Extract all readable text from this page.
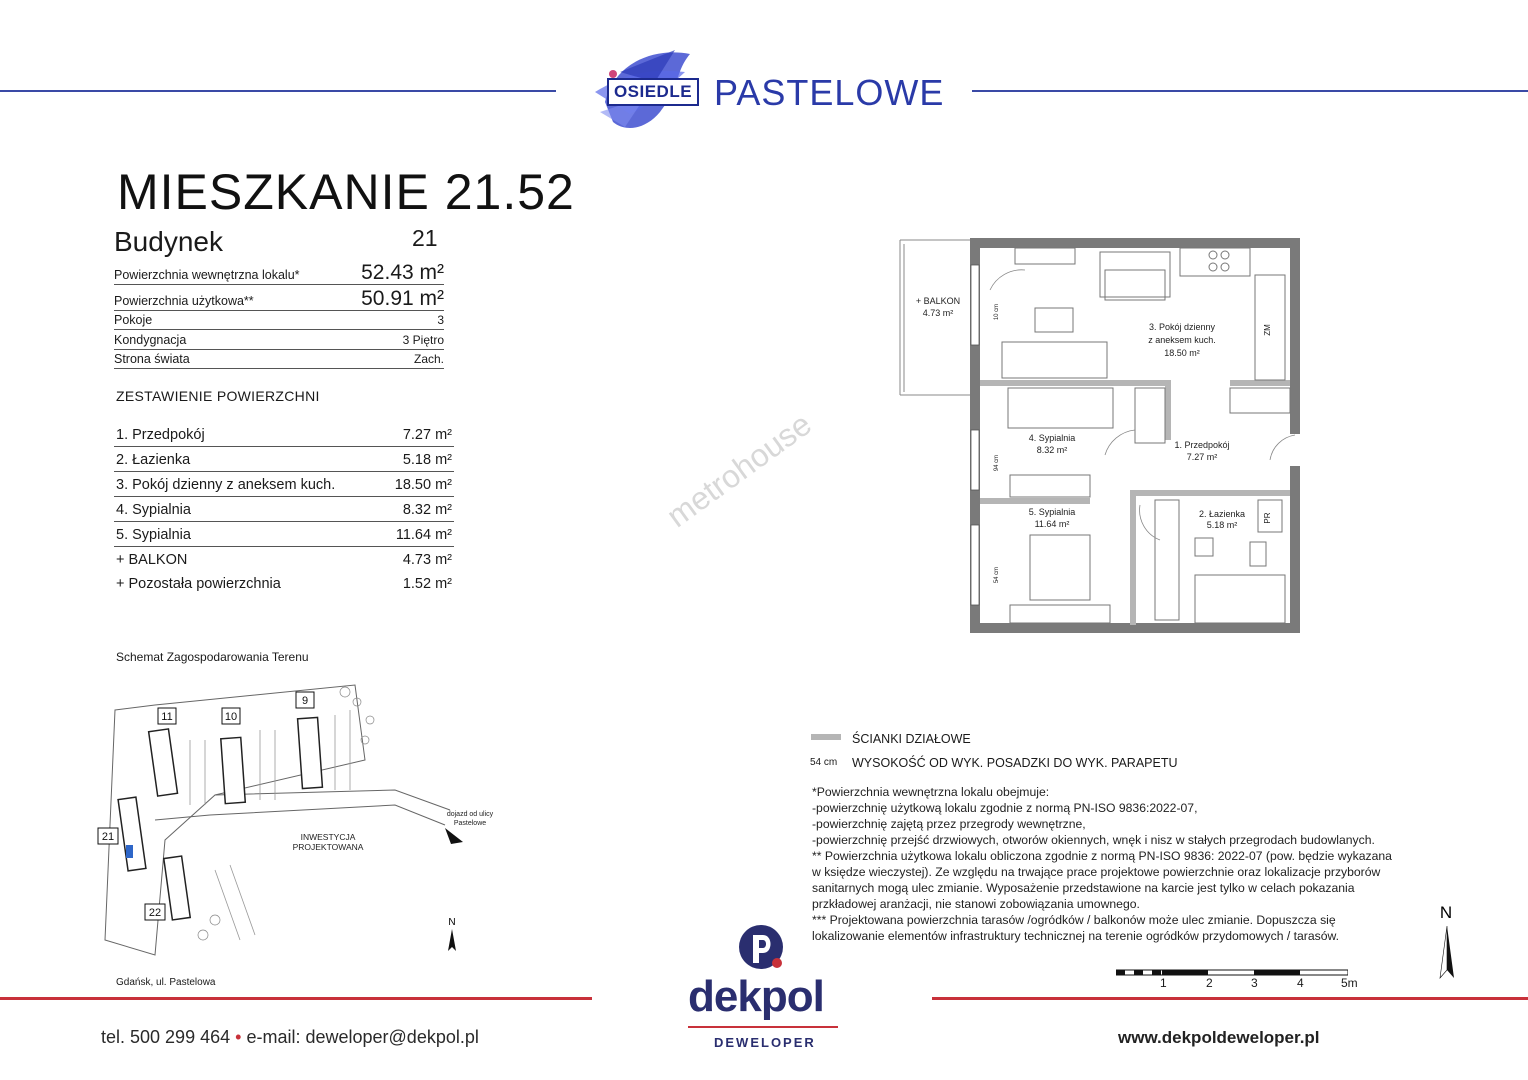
OSIEDLE PASTELOWE
MIESZKANIE 21.52
Budynek	21
Powierzchnia wewnętrzna lokalu*	52.43 m²
Powierzchnia użytkowa**	50.91 m²
Pokoje	3
Kondygnacja	3 Piętro
Strona świata	Zach.
ZESTAWIENIE POWIERZCHNI
1. Przedpokój	7.27 m²
2. Łazienka	5.18 m²
3. Pokój dzienny z aneksem kuch.	18.50 m²
4. Sypialnia	8.32 m²
5. Sypialnia	11.64 m²
+ BALKON	4.73 m²
+ Pozostała powierzchnia	1.52 m²
Schemat Zagospodarowania Terenu
11	10
9
21
22
INWESTYCJA
PROJEKTOWANA
dojazd od ulicy
Pastelowe
N
Gdańsk, ul. Pastelowa
metrohouse
+ BALKON
4.73 m²
3. Pokój dzienny
z aneksem kuch.
18.50 m²
4. Sypialnia
8.32 m²	1. Przedpokój
7.27 m²
5. Sypialnia
11.64 m²
2. Łazienka
5.18 m²
ZM
PR
10 cm
94 cm
54 cm
ŚCIANKI DZIAŁOWE
54 cm WYSOKOŚĆ OD WYK. POSADZKI DO WYK. PARAPETU
*Powierzchnia wewnętrzna lokalu obejmuje:
-powierzchnię użytkową lokalu zgodnie z normą PN-ISO 9836:2022-07,
-powierzchnię zajętą przez przegrody wewnętrzne,
-powierzchnię przejść drzwiowych, otworów okiennych, wnęk i nisz w stałych przegrodach budowlanych.
** Powierzchnia użytkowa lokalu obliczona zgodnie z normą PN-ISO 9836: 2022-07 (pow. będzie wykazana
w księdze wieczystej). Ze względu na trwające prace projektowe powierzchnie oraz lokalizacje przyborów
sanitarnych mogą ulec zmianie. Wyposażenie przedstawione na karcie jest tylko w celach pokazania
przkładowej aranżacji, nie stanowi zobowiązania umownego.
*** Projektowana powierzchnia tarasów /ogródków / balkonów może ulec zmianie. Dopuszcza się
lokalizowanie elementów infrastruktury technicznej na terenie ogródków przydomowych / tarasów.
N
1	2	3	4	5m
dekpol
DEWELOPER
tel. 500 299 464 • e-mail: deweloper@dekpol.pl	www.dekpoldeweloper.pl
